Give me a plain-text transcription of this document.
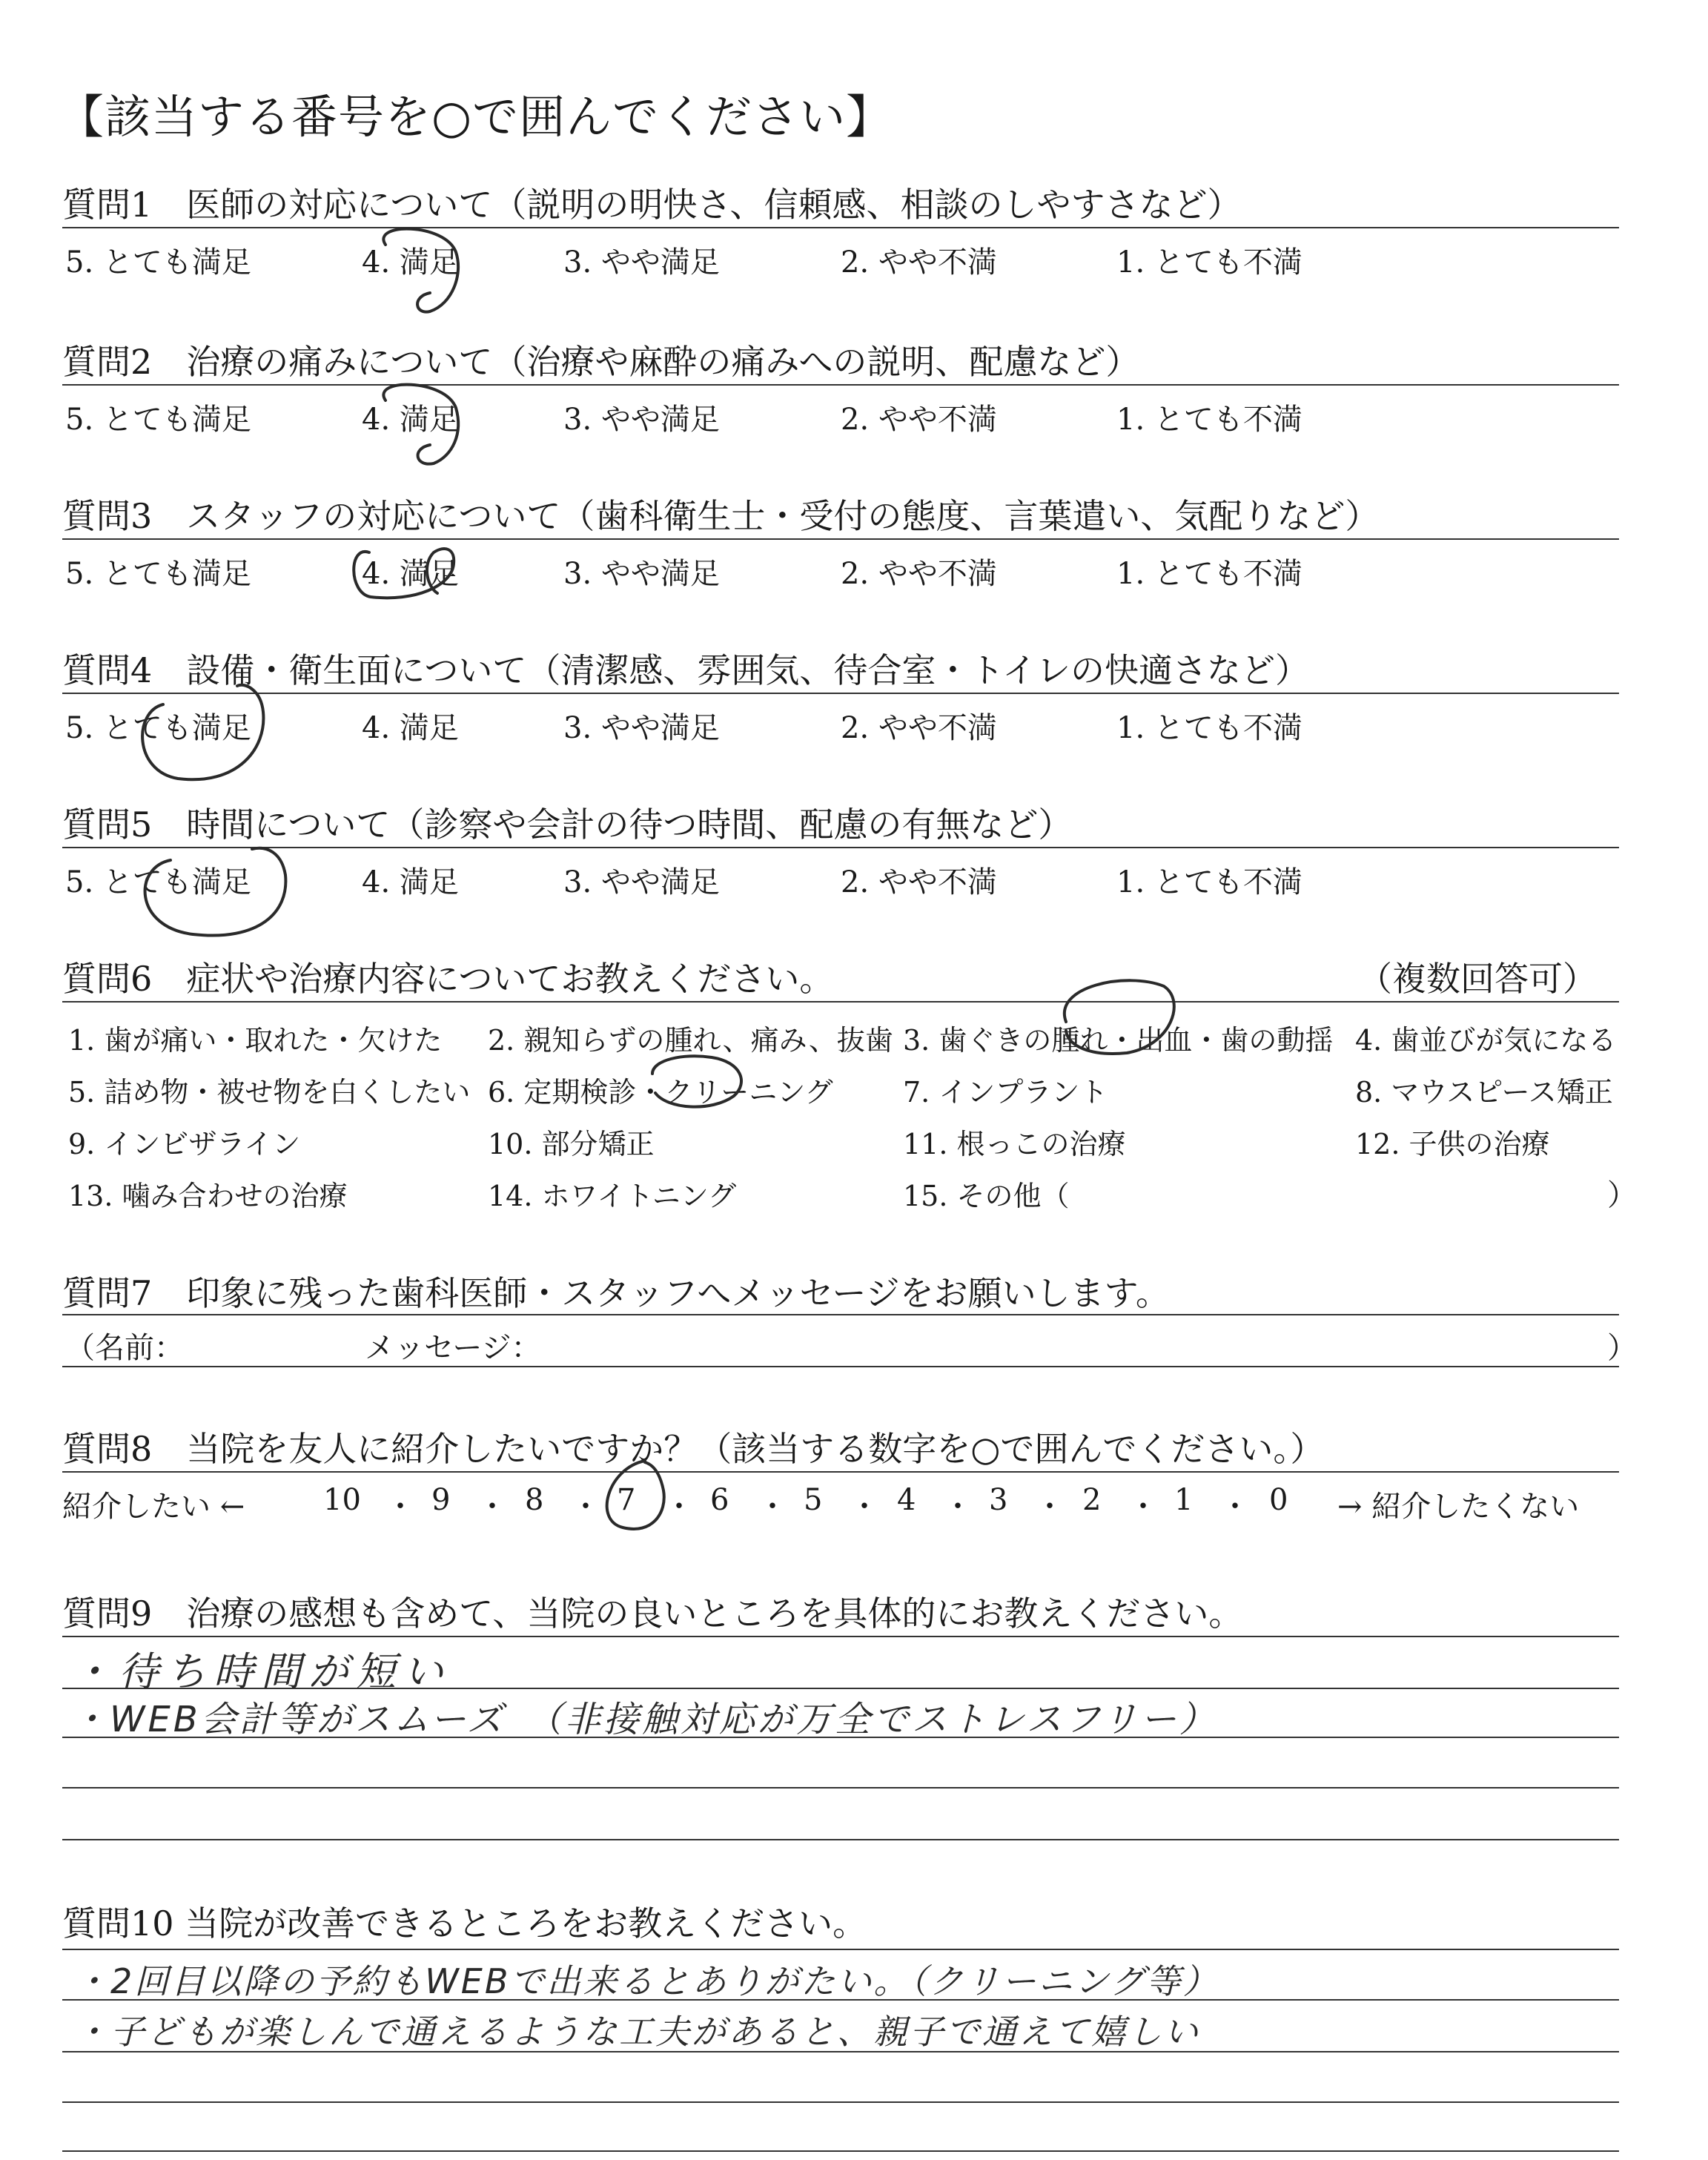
【該当する番号を○で囲んでください】
質問1　医師の対応について（説明の明快さ、信頼感、相談のしやすさなど）
5. とても満足	4. 満足	3. やや満足	2. やや不満	1. とても不満
質問2　治療の痛みについて（治療や麻酔の痛みへの説明、配慮など）
5. とても満足	4. 満足	3. やや満足	2. やや不満	1. とても不満
質問3　スタッフの対応について（歯科衛生士・受付の態度、言葉遣い、気配りなど）
5. とても満足	4. 満足	3. やや満足	2. やや不満	1. とても不満
質問4　設備・衛生面について（清潔感、雰囲気、待合室・トイレの快適さなど）
5. とても満足	4. 満足	3. やや満足	2. やや不満	1. とても不満
質問5　時間について（診察や会計の待つ時間、配慮の有無など）
5. とても満足	4. 満足	3. やや満足	2. やや不満	1. とても不満
質問6　症状や治療内容についてお教えください。	（複数回答可）
1. 歯が痛い・取れた・欠けた 2. 親知らずの腫れ、痛み、抜歯 3. 歯ぐきの腫れ・出血・歯の動揺 4. 歯並びが気になる
5. 詰め物・被せ物を白くしたい 6. 定期検診・クリーニング 7. インプラント	8. マウスピース矯正
9. インビザライン	10. 部分矯正	11. 根っこの治療	12. 子供の治療
13. 噛み合わせの治療	14. ホワイトニング	15. その他（	）
質問7　印象に残った歯科医師・スタッフへメッセージをお願いします。
（名前：	メッセージ：	）
質問8　当院を友人に紹介したいですか？（該当する数字を○で囲んでください。）
紹介したい ←	10 ・ 9 ・ 8 ・ 7 ・ 6 ・ 5 ・ 4 ・ 3 ・ 2 ・ 1 ・ 0 → 紹介したくない
質問9　治療の感想も含めて、当院の良いところを具体的にお教えください。
・待ち時間が短い
・WEB会計等がスムーズ　（非接触対応が万全でストレスフリー）
質問10 当院が改善できるところをお教えください。
・2回目以降の予約もWEBで出来るとありがたい。（クリーニング等）
・子どもが楽しんで通えるような工夫があると、親子で通えて嬉しい
